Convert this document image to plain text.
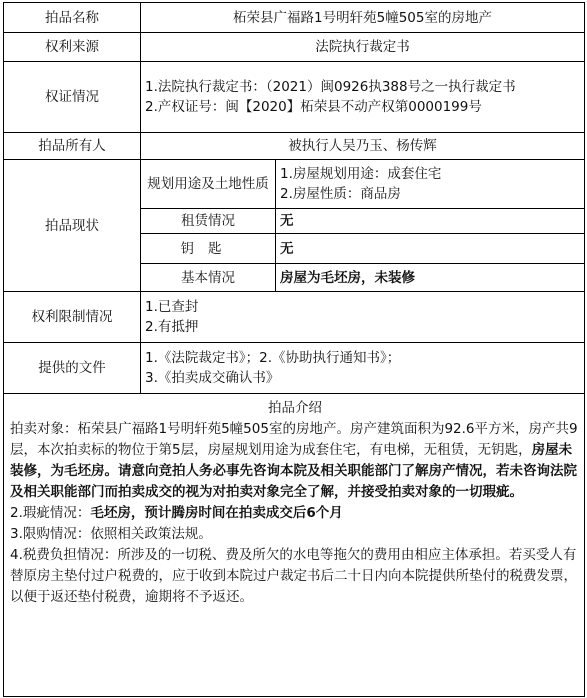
拍品名称	柘荣县广福路1号明轩苑5幢505室的房地产	
权利来源	法院执行裁定书	
权证情况	1.法院执行裁定书：（2021）闽0926执388号之一执行裁定书
2.产权证号：闽【2020】柘荣县不动产权第0000199号	

拍品所有人	被执行人吴乃玉、杨传辉	
拍品现状	规划用途及土地性质	1.房屋规划用途：成套住宅
2.房屋性质：商品房

	租赁情况	无
	钥匙	无
	基本情况	房屋为毛坯房，未装修
权利限制情况	1.已查封
2.有抵押	

提供的文件	1.《法院裁定书》；2.《协助执行通知书》；
3.《拍卖成交确认书》	

拍品介绍

拍卖对象：柘荣县广福路1号明轩苑5幢505室的房地产。房产建筑面积为92.6平方米，房产共9层，本次拍卖标的物位于第5层，房屋规划用途为成套住宅，有电梯，无租赁，无钥匙，房屋未装修，为毛坯房。请意向竞拍人务必事先咨询本院及相关职能部门了解房产情况，若未咨询法院及相关职能部门而拍卖成交的视为对拍卖对象完全了解，并接受拍卖对象的一切瑕疵。

2.瑕疵情况：毛坯房，预计腾房时间在拍卖成交后6个月

3.限购情况：依照相关政策法规。

4.税费负担情况：所涉及的一切税、费及所欠的水电等拖欠的费用由相应主体承担。若买受人有替原房主垫付过户税费的，应于收到本院过户裁定书后二十日内向本院提供所垫付的税费发票，以便于返还垫付税费，逾期将不予返还。		
